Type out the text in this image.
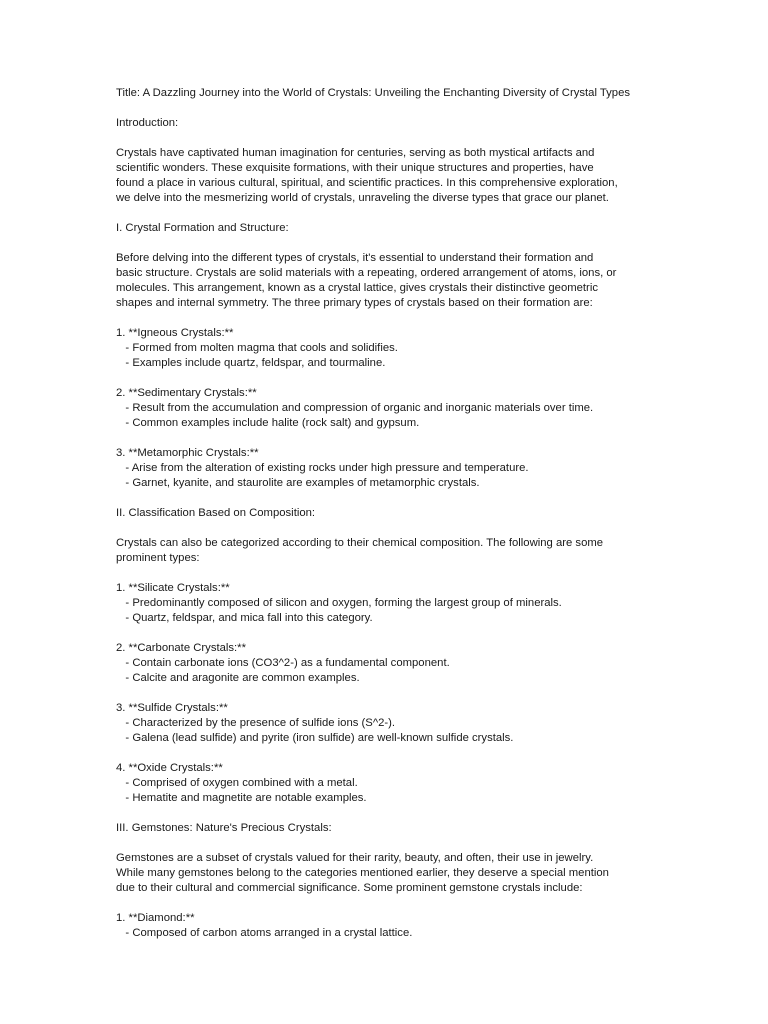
Title: A Dazzling Journey into the World of Crystals: Unveiling the Enchanting Diversity of Crystal Types
Introduction:
Crystals have captivated human imagination for centuries, serving as both mystical artifacts and
scientific wonders. These exquisite formations, with their unique structures and properties, have
found a place in various cultural, spiritual, and scientific practices. In this comprehensive exploration,
we delve into the mesmerizing world of crystals, unraveling the diverse types that grace our planet.
I. Crystal Formation and Structure:
Before delving into the different types of crystals, it's essential to understand their formation and
basic structure. Crystals are solid materials with a repeating, ordered arrangement of atoms, ions, or
molecules. This arrangement, known as a crystal lattice, gives crystals their distinctive geometric
shapes and internal symmetry. The three primary types of crystals based on their formation are:
1. **Igneous Crystals:**
- Formed from molten magma that cools and solidifies.
- Examples include quartz, feldspar, and tourmaline.
2. **Sedimentary Crystals:**
- Result from the accumulation and compression of organic and inorganic materials over time.
- Common examples include halite (rock salt) and gypsum.
3. **Metamorphic Crystals:**
- Arise from the alteration of existing rocks under high pressure and temperature.
- Garnet, kyanite, and staurolite are examples of metamorphic crystals.
II. Classification Based on Composition:
Crystals can also be categorized according to their chemical composition. The following are some
prominent types:
1. **Silicate Crystals:**
- Predominantly composed of silicon and oxygen, forming the largest group of minerals.
- Quartz, feldspar, and mica fall into this category.
2. **Carbonate Crystals:**
- Contain carbonate ions (CO3^2-) as a fundamental component.
- Calcite and aragonite are common examples.
3. **Sulfide Crystals:**
- Characterized by the presence of sulfide ions (S^2-).
- Galena (lead sulfide) and pyrite (iron sulfide) are well-known sulfide crystals.
4. **Oxide Crystals:**
- Comprised of oxygen combined with a metal.
- Hematite and magnetite are notable examples.
III. Gemstones: Nature's Precious Crystals:
Gemstones are a subset of crystals valued for their rarity, beauty, and often, their use in jewelry.
While many gemstones belong to the categories mentioned earlier, they deserve a special mention
due to their cultural and commercial significance. Some prominent gemstone crystals include:
1. **Diamond:**
- Composed of carbon atoms arranged in a crystal lattice.
